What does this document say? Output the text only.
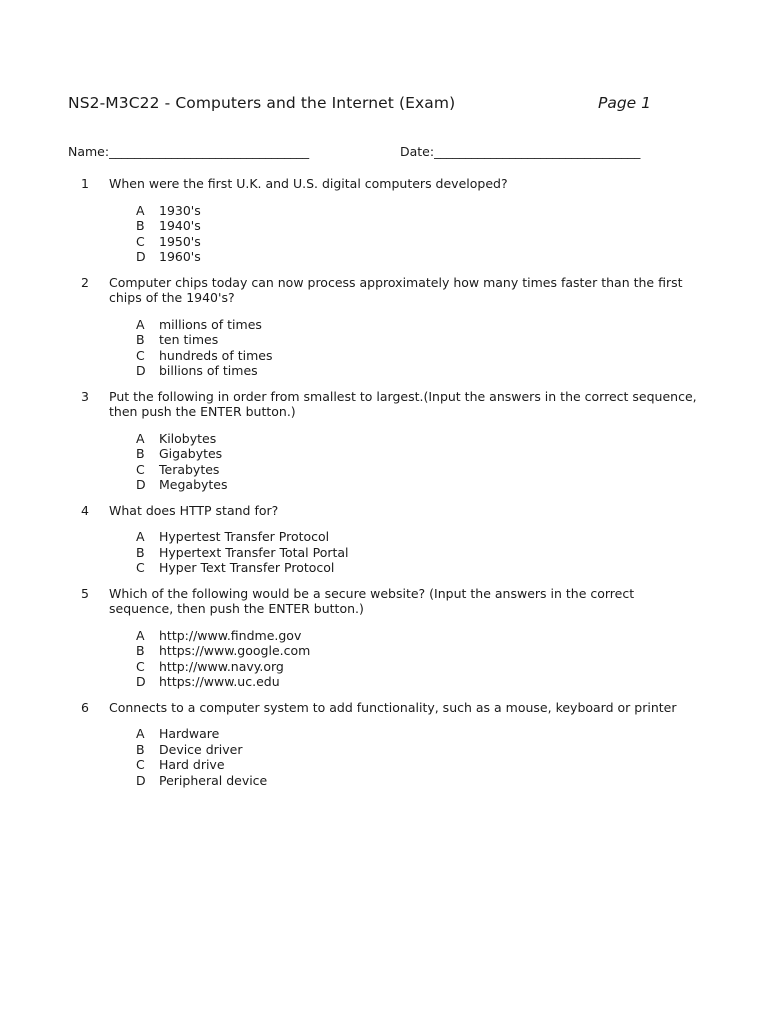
NS2-M3C22 - Computers and the Internet (Exam)	Page 1
Name:________________________________	Date:_________________________________
1 When were the first U.K. and U.S. digital computers developed?
A 1930's
B 1940's
C 1950's
D 1960's
2 Computer chips today can now process approximately how many times faster than the first chips of the 1940's?
A millions of times
B ten times
C hundreds of times
D billions of times
3 Put the following in order from smallest to largest.(Input the answers in the correct sequence, then push the ENTER button.)
A Kilobytes
B Gigabytes
C Terabytes
D Megabytes
4 What does HTTP stand for?
A Hypertest Transfer Protocol
B Hypertext Transfer Total Portal
C Hyper Text Transfer Protocol
5 Which of the following would be a secure website? (Input the answers in the correct sequence, then push the ENTER button.)
A http://www.findme.gov
B https://www.google.com
C http://www.navy.org
D https://www.uc.edu
6 Connects to a computer system to add functionality, such as a mouse, keyboard or printer
A Hardware
B Device driver
C Hard drive
D Peripheral device
